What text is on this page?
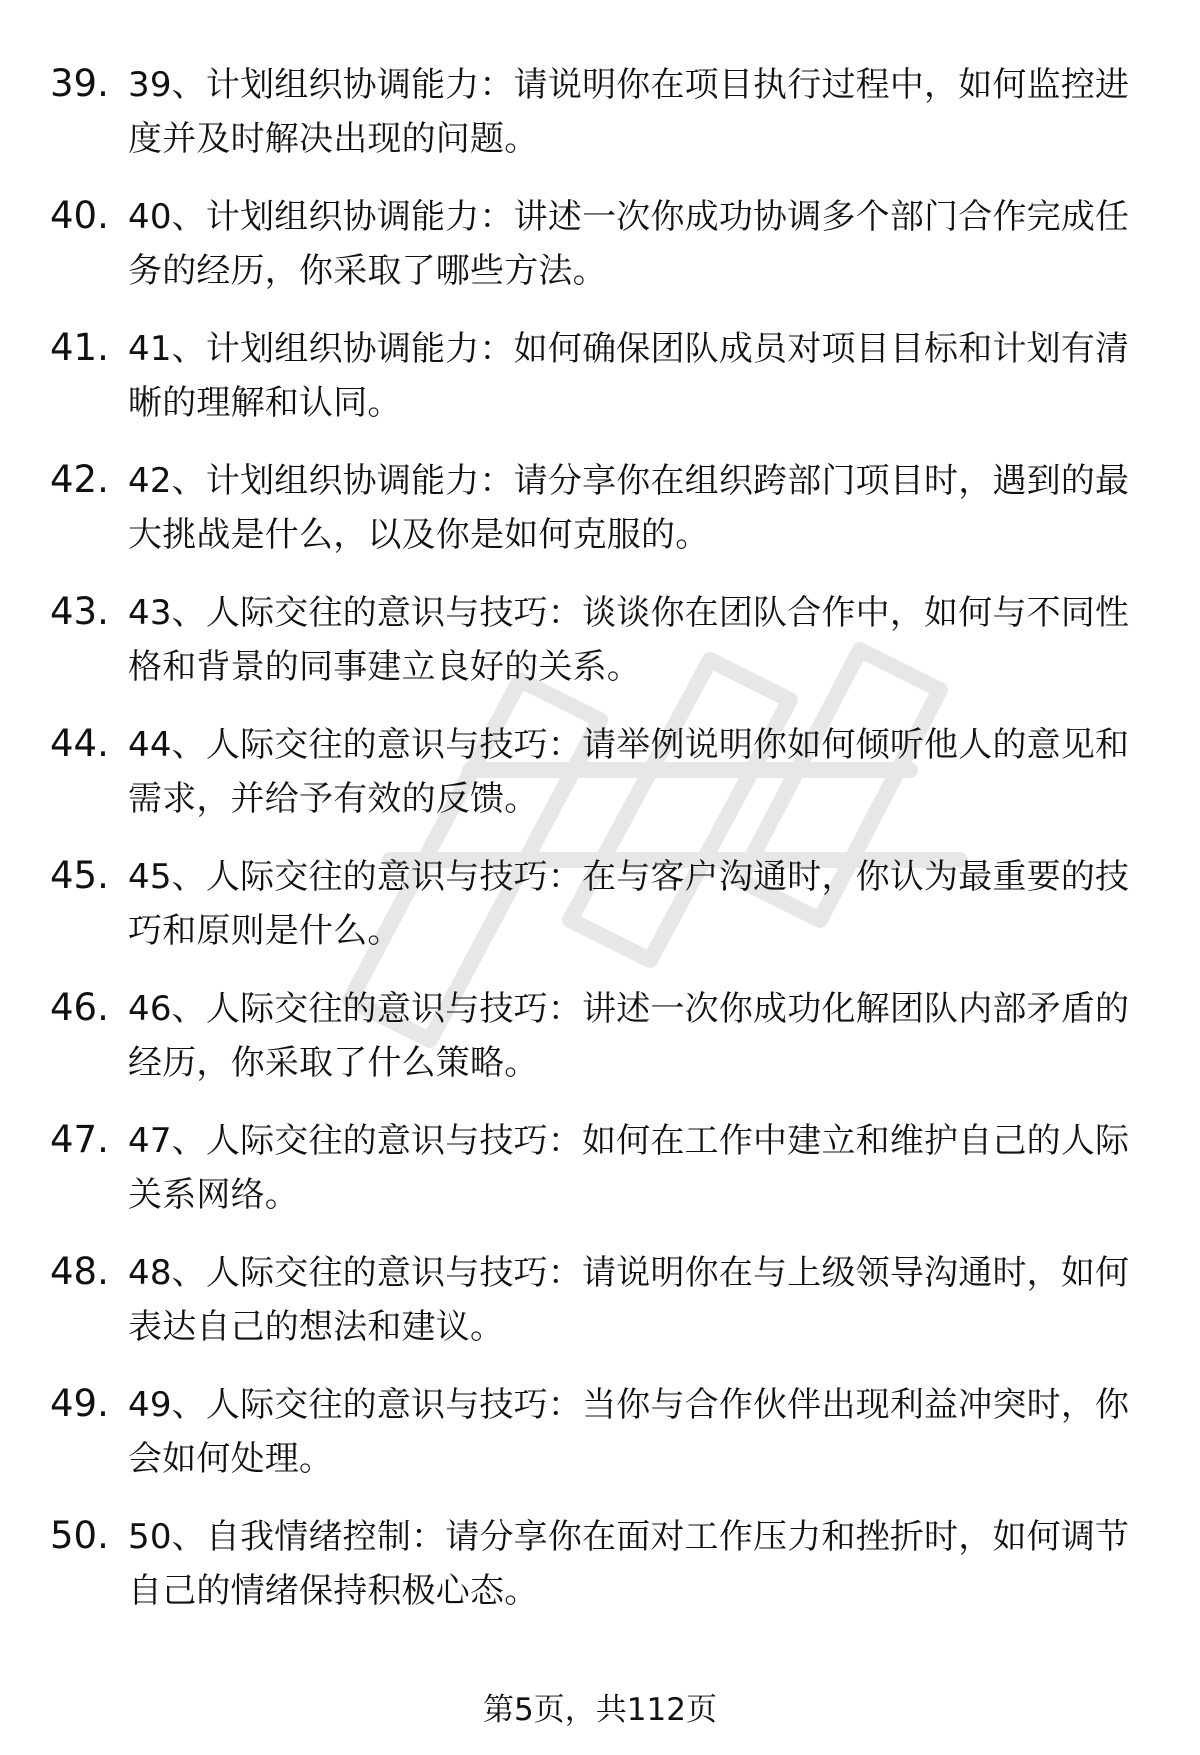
39. 39、计划组织协调能力：请说明你在项目执行过程中，如何监控进度并及时解决出现的问题。
40. 40、计划组织协调能力：讲述一次你成功协调多个部门合作完成任务的经历，你采取了哪些方法。
41. 41、计划组织协调能力：如何确保团队成员对项目目标和计划有清晰的理解和认同。
42. 42、计划组织协调能力：请分享你在组织跨部门项目时，遇到的最大挑战是什么，以及你是如何克服的。
43. 43、人际交往的意识与技巧：谈谈你在团队合作中，如何与不同性格和背景的同事建立良好的关系。
44. 44、人际交往的意识与技巧：请举例说明你如何倾听他人的意见和需求，并给予有效的反馈。
45. 45、人际交往的意识与技巧：在与客户沟通时，你认为最重要的技巧和原则是什么。
46. 46、人际交往的意识与技巧：讲述一次你成功化解团队内部矛盾的经历，你采取了什么策略。
47. 47、人际交往的意识与技巧：如何在工作中建立和维护自己的人际关系网络。
48. 48、人际交往的意识与技巧：请说明你在与上级领导沟通时，如何表达自己的想法和建议。
49. 49、人际交往的意识与技巧：当你与合作伙伴出现利益冲突时，你会如何处理。
50. 50、自我情绪控制：请分享你在面对工作压力和挫折时，如何调节自己的情绪保持积极心态。
第5页，共112页
